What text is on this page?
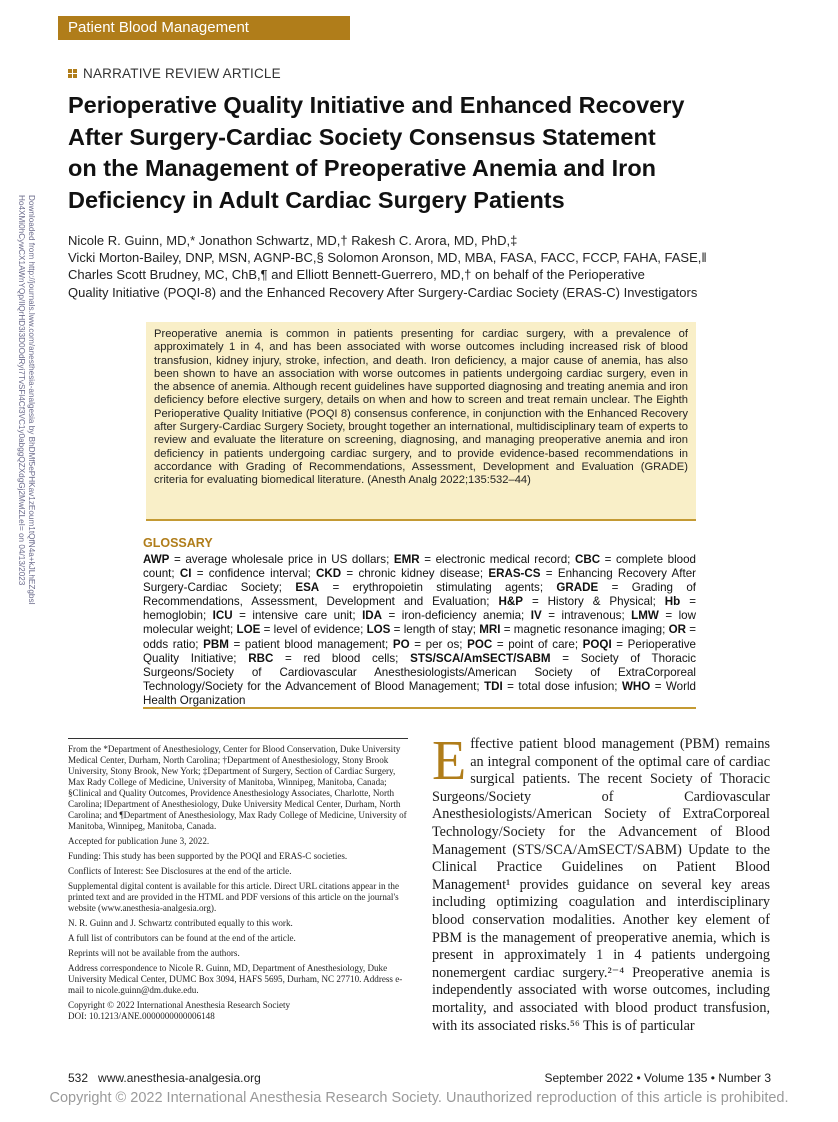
Patient Blood Management
NARRATIVE REVIEW ARTICLE
Perioperative Quality Initiative and Enhanced Recovery
After Surgery-Cardiac Society Consensus Statement
on the Management of Preoperative Anemia and Iron
Deficiency in Adult Cardiac Surgery Patients
Nicole R. Guinn, MD,* Jonathon Schwartz, MD,† Rakesh C. Arora, MD, PhD,‡
Vicki Morton-Bailey, DNP, MSN, AGNP-BC,§ Solomon Aronson, MD, MBA, FASA, FACC, FCCP, FAHA, FASE,‖
Charles Scott Brudney, MC, ChB,¶ and Elliott Bennett-Guerrero, MD,† on behalf of the Perioperative
Quality Initiative (POQI-8) and the Enhanced Recovery After Surgery-Cardiac Society (ERAS-C) Investigators
Downloaded from http://journals.lww.com/anesthesia-analgesia by BhDMf5ePHKav1zEoum1tQfN4a+kJLhEZgbsI
Ho4XMi0hCywCX1AWnYQp/IlQrHD3i3D0OdRyi7TvSFl4Cf3VC1y0abggQZXdgGj2MwlZLeI= on 04/13/2023	Preoperative anemia is common in patients presenting for cardiac surgery, with a prevalence of approximately 1 in 4, and has been associated with worse outcomes including increased risk of blood transfusion, kidney injury, stroke, infection, and death. Iron deficiency, a major cause of anemia, has also been shown to have an association with worse outcomes in patients undergoing cardiac surgery, even in the absence of anemia. Although recent guidelines have supported diagnosing and treating anemia and iron deficiency before elective surgery, details on when and how to screen and treat remain unclear. The Eighth Perioperative Quality Initiative (POQI 8) consensus conference, in conjunction with the Enhanced Recovery after Surgery-Cardiac Surgery Society, brought together an international, multidisciplinary team of experts to review and evaluate the literature on screening, diagnosing, and managing preoperative anemia and iron deficiency in patients undergoing cardiac surgery, and to provide evidence-based recommendations in accordance with Grading of Recommendations, Assessment, Development and Evaluation (GRADE) criteria for evaluating biomedical literature. (Anesth Analg 2022;135:532–44)
GLOSSARY
AWP = average wholesale price in US dollars; EMR = electronic medical record; CBC = complete blood count; CI = confidence interval; CKD = chronic kidney disease; ERAS-CS = Enhancing Recovery After Surgery-Cardiac Society; ESA = erythropoietin stimulating agents; GRADE = Grading of Recommendations, Assessment, Development and Evaluation; H&P = History & Physical; Hb = hemoglobin; ICU = intensive care unit; IDA = iron-deficiency anemia; IV = intravenous; LMW = low molecular weight; LOE = level of evidence; LOS = length of stay; MRI = magnetic resonance imaging; OR = odds ratio; PBM = patient blood management; PO = per os; POC = point of care; POQI = Perioperative Quality Initiative; RBC = red blood cells; STS/SCA/AmSECT/SABM = Society of Thoracic Surgeons/Society of Cardiovascular Anesthesiologists/American Society of ExtraCorporeal Technology/Society for the Advancement of Blood Management; TDI = total dose infusion; WHO = World Health Organization

From the *Department of Anesthesiology, Center for Blood Conservation, Duke University Medical Center, Durham, North Carolina; †Department of Anesthesiology, Stony Brook University, Stony Brook, New York; ‡Department of Surgery, Section of Cardiac Surgery, Max Rady College of Medicine, University of Manitoba, Winnipeg, Manitoba, Canada; §Clinical and Quality Outcomes, Providence Anesthesiology Associates, Charlotte, North Carolina; ‖Department of Anesthesiology, Duke University Medical Center, Durham, North Carolina; and ¶Department of Anesthesiology, Max Rady College of Medicine, University of Manitoba, Winnipeg, Manitoba, Canada.

Accepted for publication June 3, 2022.

Funding: This study has been supported by the POQI and ERAS-C societies.

Conflicts of Interest: See Disclosures at the end of the article.

Supplemental digital content is available for this article. Direct URL citations appear in the printed text and are provided in the HTML and PDF versions of this article on the journal's website (www.anesthesia-analgesia.org).

N. R. Guinn and J. Schwartz contributed equally to this work.

A full list of contributors can be found at the end of the article.

Reprints will not be available from the authors.

Address correspondence to Nicole R. Guinn, MD, Department of Anesthesiology, Duke University Medical Center, DUMC Box 3094, HAFS 5695, Durham, NC 27710. Address e-mail to nicole.guinn@dm.duke.edu.

Copyright © 2022 International Anesthesia Research Society

DOI: 10.1213/ANE.0000000000006148

Effective patient blood management (PBM) remains an integral component of the optimal care of cardiac surgical patients. The recent Society of Thoracic Surgeons/Society of Cardiovascular Anesthesiologists/American Society of ExtraCorporeal Technology/Society for the Advancement of Blood Management (STS/SCA/AmSECT/SABM) Update to the Clinical Practice Guidelines on Patient Blood Management¹ provides guidance on several key areas including optimizing coagulation and interdisciplinary blood conservation modalities. Another key element of PBM is the management of preoperative anemia, which is present in approximately 1 in 4 patients undergoing nonemergent cardiac surgery.²⁻⁴ Preoperative anemia is independently associated with worse outcomes, including mortality, and associated with blood product transfusion, with its associated risks.⁵⁶ This is of particular
532 www.anesthesia-analgesia.org	September 2022 • Volume 135 • Number 3
Copyright © 2022 International Anesthesia Research Society. Unauthorized reproduction of this article is prohibited.
